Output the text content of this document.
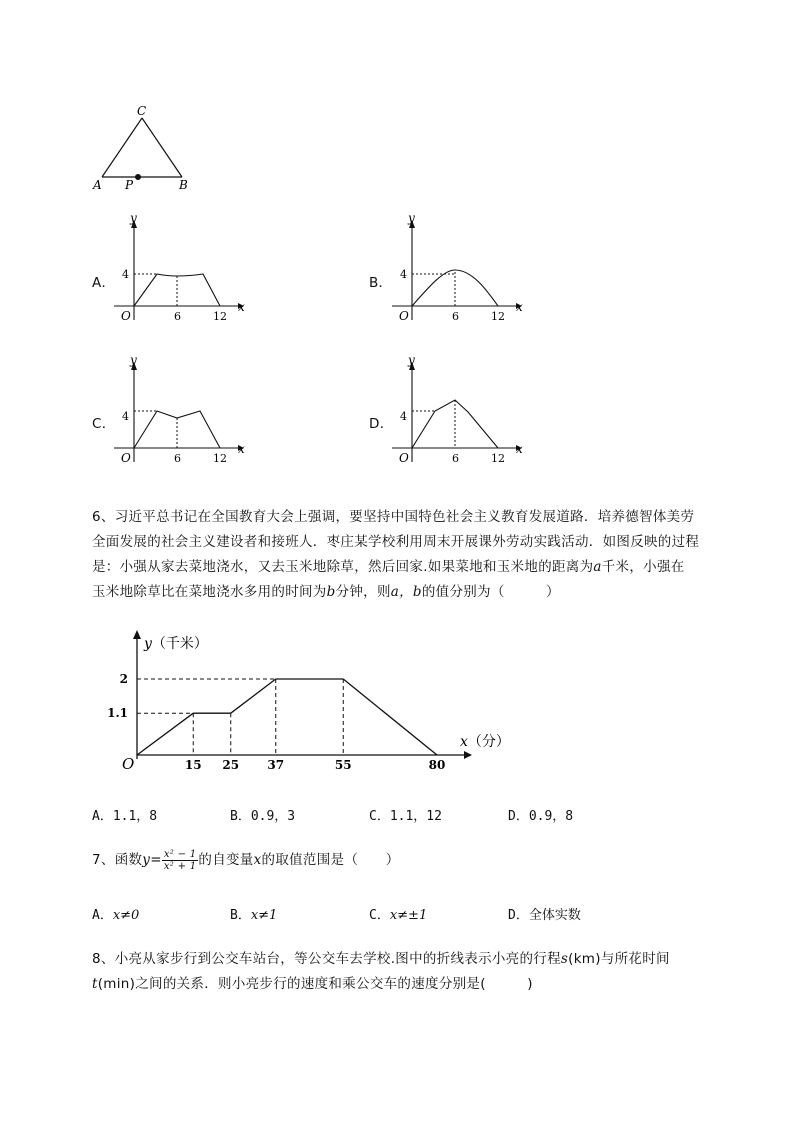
C
A P	B
A．
y
x
O
4
6	12
B．
y
x
O
4
6	12
C．
y
x
O
4
6	12
D．
y
x
O
4
6	12
6、习近平总书记在全国教育大会上强调，要坚持中国特色社会主义教育发展道路．培养德智体美劳
全面发展的社会主义建设者和接班人．枣庄某学校利用周末开展课外劳动实践活动．如图反映的过程
是：小强从家去菜地浇水，又去玉米地除草，然后回家.如果菜地和玉米地的距离为a千米，小强在
玉米地除草比在菜地浇水多用的时间为b分钟，则a，b的值分别为（　　　）
y（千米）
x（分）
O	15 25 37	55	80
1.1
2
A．1.1，8	B．0.9，3	C．1.1，12	D．0.9，8
7、函数$y= \frac{\text{x² − 1}}{\text{x² + 1}}$ 的自变量x的取值范围是（　　）
A．x≠0	B．x≠1	C．x≠±1	D．全体实数
8、小亮从家步行到公交车站台，等公交车去学校.图中的折线表示小亮的行程s(km)与所花时间
t(min)之间的关系．则小亮步行的速度和乘公交车的速度分别是(　　　)
